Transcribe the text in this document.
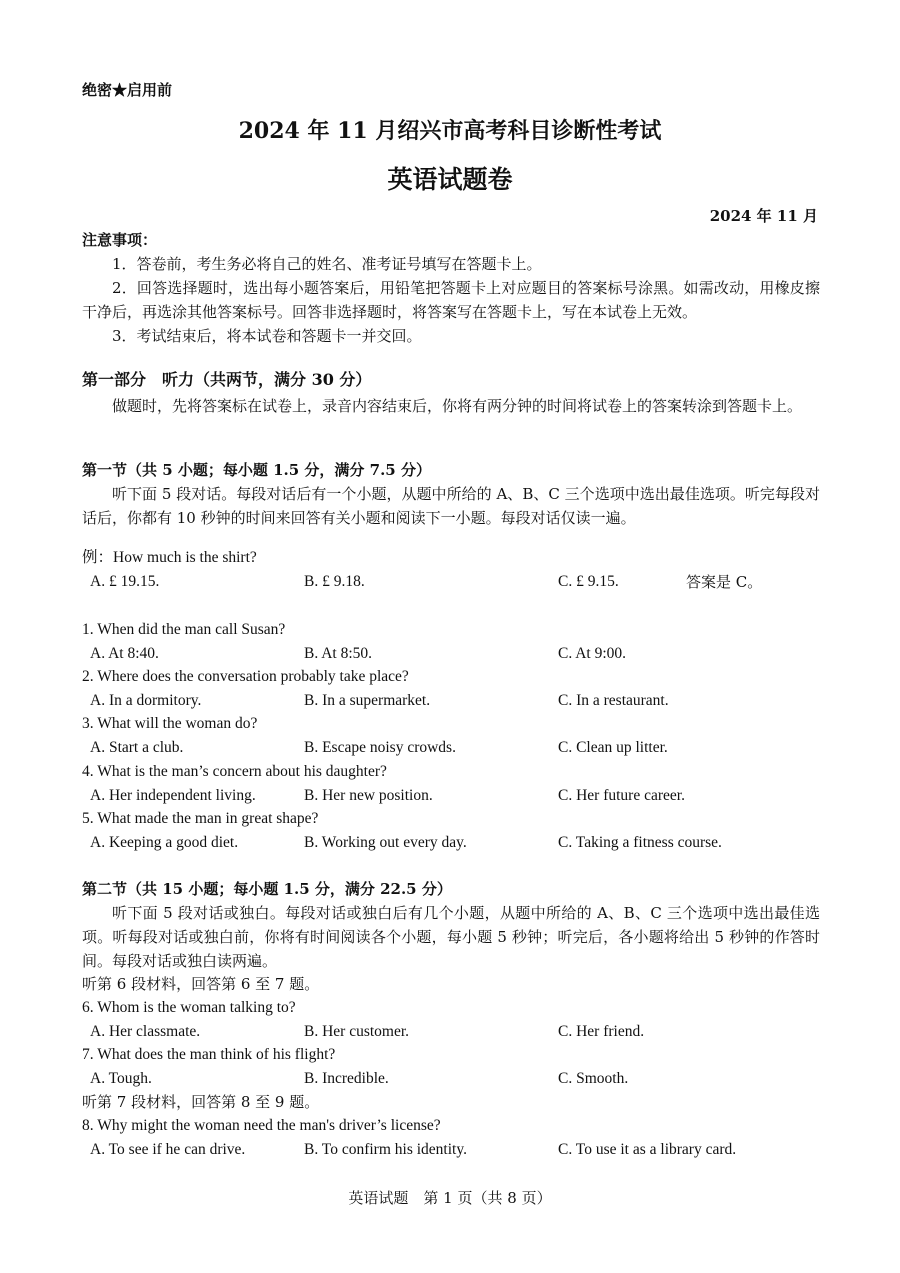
绝密★启用前
2024 年 11 月绍兴市高考科目诊断性考试
英语试题卷
2024 年 11 月
注意事项：
1．答卷前，考生务必将自己的姓名、准考证号填写在答题卡上。
2．回答选择题时，选出每小题答案后，用铅笔把答题卡上对应题目的答案标号涂黑。如需改动，用橡皮擦干净后，再选涂其他答案标号。回答非选择题时，将答案写在答题卡上，写在本试卷上无效。
3．考试结束后，将本试卷和答题卡一并交回。
第一部分　听力（共两节，满分 30 分）
做题时，先将答案标在试卷上，录音内容结束后，你将有两分钟的时间将试卷上的答案转涂到答题卡上。
第一节（共 5 小题；每小题 1.5 分，满分 7.5 分）
听下面 5 段对话。每段对话后有一个小题，从题中所给的 A、B、C 三个选项中选出最佳选项。听完每段对话后，你都有 10 秒钟的时间来回答有关小题和阅读下一小题。每段对话仅读一遍。
例：How much is the shirt?
A. £ 19.15.	B. £ 9.18.	C. £ 9.15.	答案是 C。
1. When did the man call Susan?
A. At 8:40.	B. At 8:50.	C. At 9:00.
2. Where does the conversation probably take place?
A. In a dormitory.	B. In a supermarket.	C. In a restaurant.
3. What will the woman do?
A. Start a club.	B. Escape noisy crowds.	C. Clean up litter.
4. What is the man’s concern about his daughter?
A. Her independent living.	B. Her new position.	C. Her future career.
5. What made the man in great shape?
A. Keeping a good diet.	B. Working out every day.	C. Taking a fitness course.
第二节（共 15 小题；每小题 1.5 分，满分 22.5 分）
听下面 5 段对话或独白。每段对话或独白后有几个小题，从题中所给的 A、B、C 三个选项中选出最佳选项。听每段对话或独白前，你将有时间阅读各个小题，每小题 5 秒钟；听完后，各小题将给出 5 秒钟的作答时间。每段对话或独白读两遍。
听第 6 段材料，回答第 6 至 7 题。
6. Whom is the woman talking to?
A. Her classmate.	B. Her customer.	C. Her friend.
7. What does the man think of his flight?
A. Tough.	B. Incredible.	C. Smooth.
听第 7 段材料，回答第 8 至 9 题。
8. Why might the woman need the man's driver’s license?
A. To see if he can drive.	B. To confirm his identity.	C. To use it as a library card.
英语试题　第 1 页（共 8 页）
